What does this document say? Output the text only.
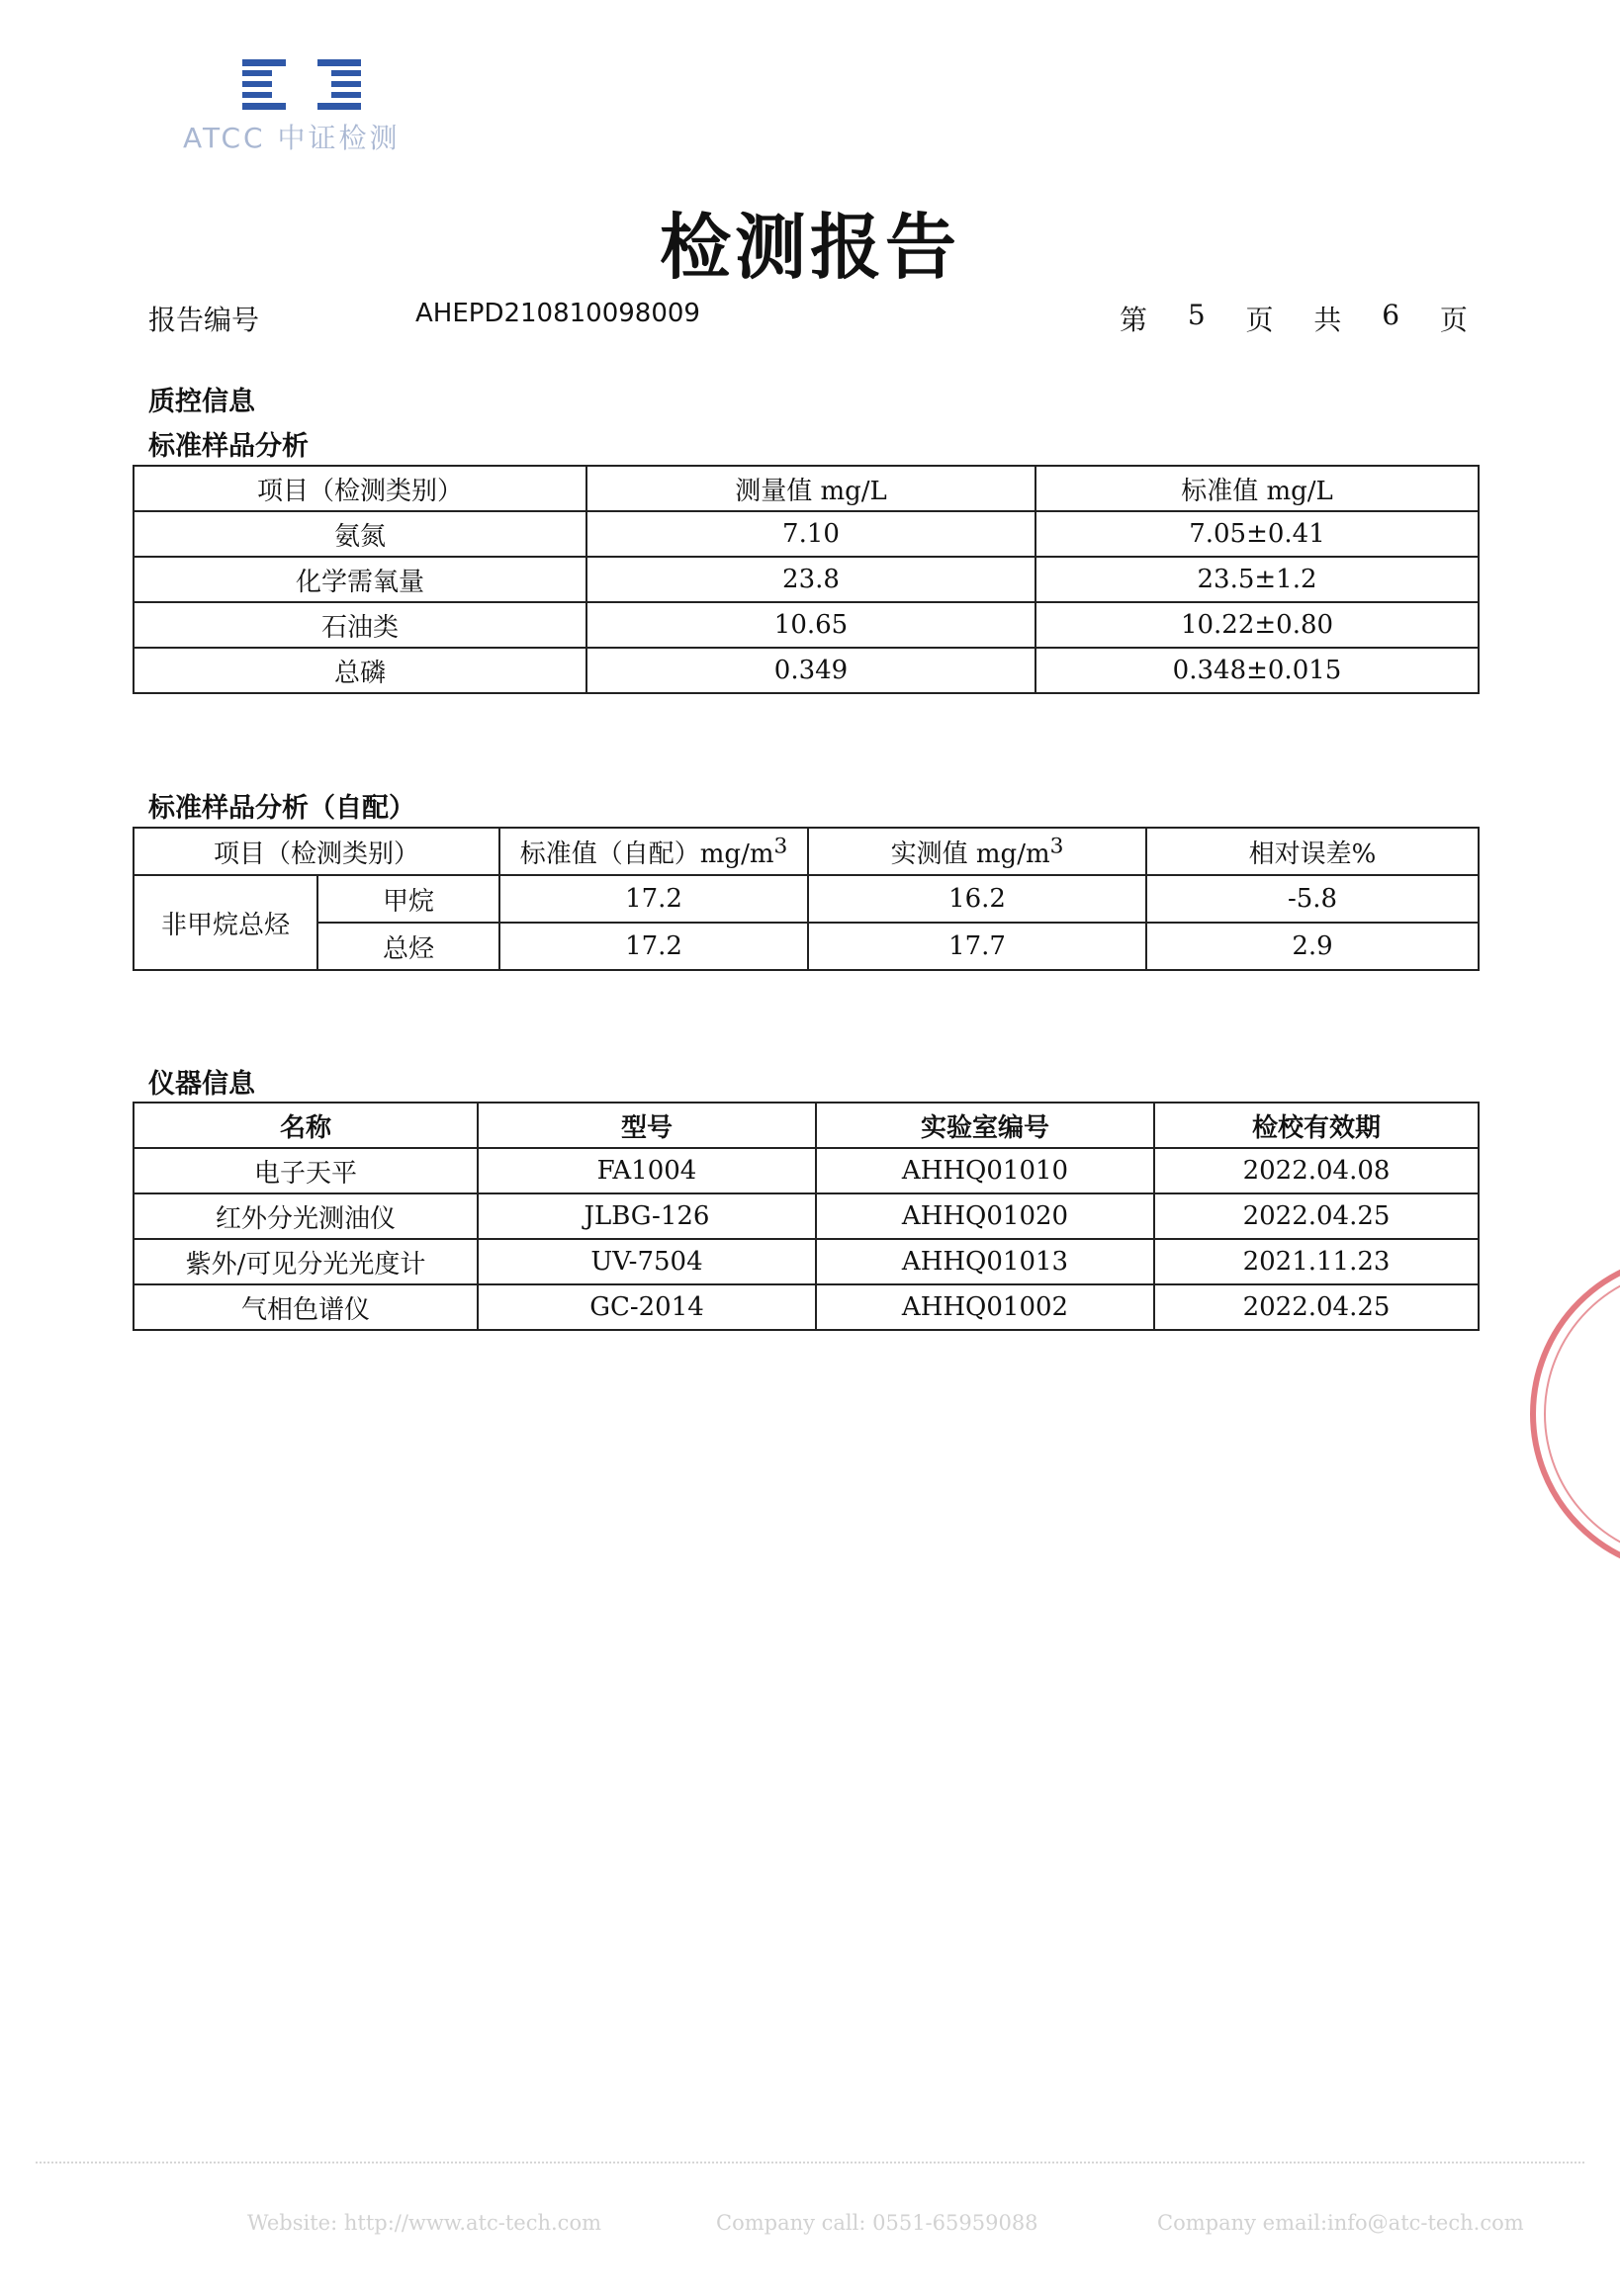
ATCC 中证检测
检测报告
报告编号	AHEPD210810098009	第 5 页 共 6 页
质控信息
标准样品分析
项目（检测类别）	测量值 mg/L	标准值 mg/L
氨氮	7.10	7.05±0.41
化学需氧量	23.8	23.5±1.2
石油类	10.65	10.22±0.80
总磷	0.349	0.348±0.015
标准样品分析（自配）
项目（检测类别）		标准值（自配）$mg/m^3$	实测值 $mg/m^3$	相对误差%
非甲烷总烃	甲烷	17.2	16.2	-5.8
	总烃	17.2	17.7	2.9
仪器信息
名称	型号	实验室编号	检校有效期
电子天平	FA1004	AHHQ01010	2022.04.08
红外分光测油仪	JLBG-126	AHHQ01020	2022.04.25
紫外/可见分光光度计	UV-7504	AHHQ01013	2021.11.23
气相色谱仪	GC-2014	AHHQ01002	2022.04.25
Website: http://www.atc-tech.com	Company call: 0551-65959088	Company email:info@atc-tech.com
